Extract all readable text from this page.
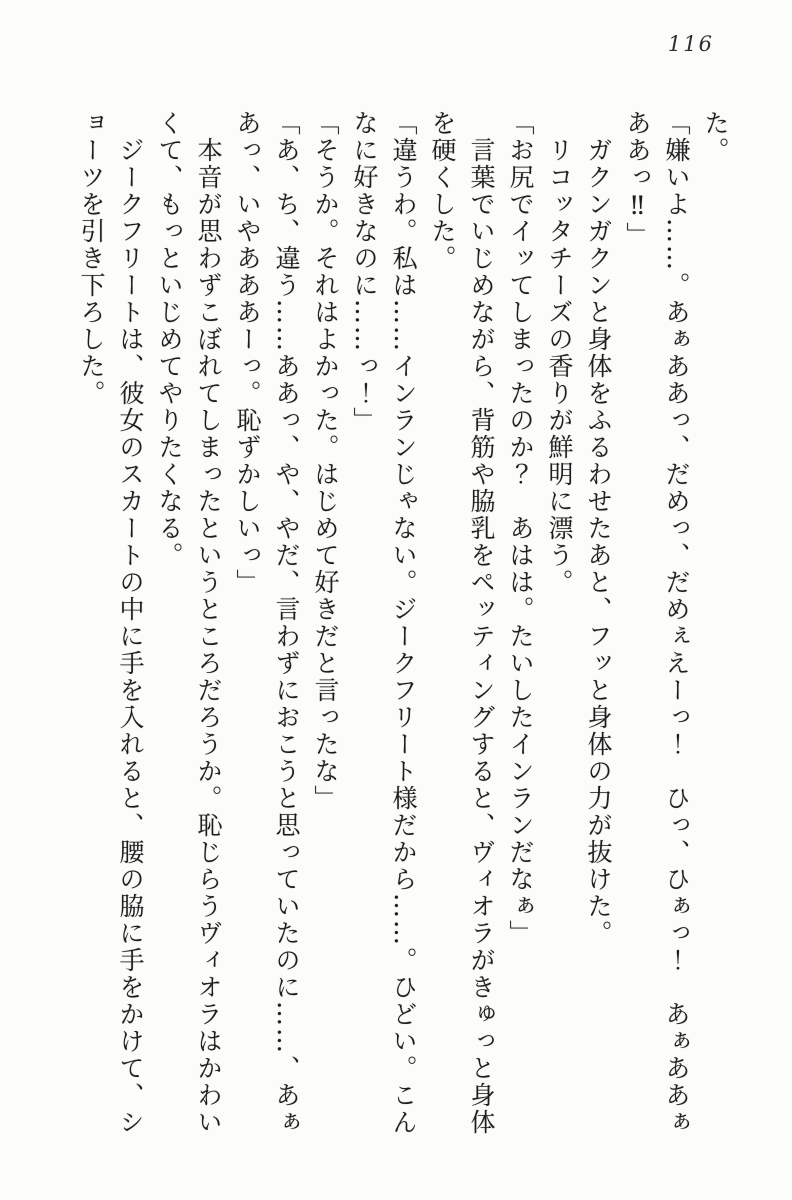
116

た。

「嫌いよ……。あぁああっ、だめっ、だめぇえーっ！　ひっ、ひぁっ！　あぁああぁああっ‼」

ガクンガクンと身体をふるわせたあと、フッと身体の力が抜けた。

リコッタチーズの香りが鮮明に漂う。

「お尻でイッてしまったのか？　あはは。たいしたインランだなぁ」

言葉でいじめながら、背筋や脇乳をペッティングすると、ヴィオラがきゅっと身体を硬くした。

「違うわ。私は……インランじゃない。ジークフリート様だから……。ひどい。こんなに好きなのに……っ！」

「そうか。それはよかった。はじめて好きだと言ったな」

「あ、ち、違う……ああっ、や、やだ、言わずにおこうと思っていたのに……、あぁあっ、いやあああーっ。恥ずかしいっ」

本音が思わずこぼれてしまったというところだろうか。恥じらうヴィオラはかわいくて、もっといじめてやりたくなる。

ジークフリートは、彼女のスカートの中に手を入れると、腰の脇に手をかけて、ショーツを引き下ろした。
